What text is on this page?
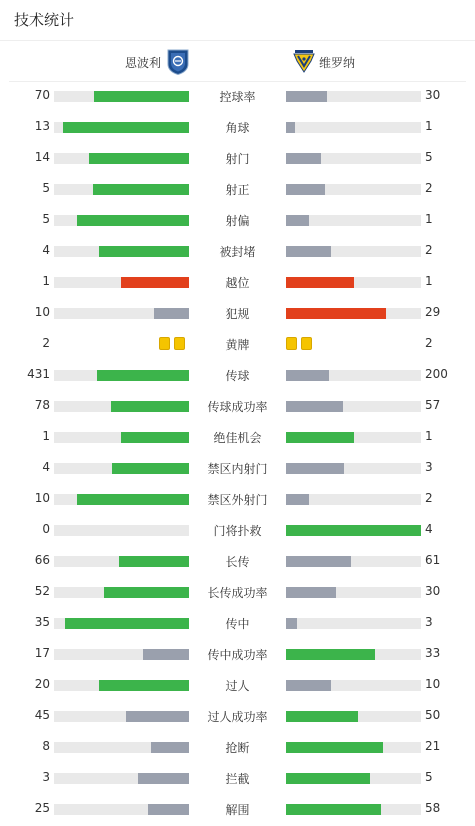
技术统计
恩波利	维罗纳
70	控球率	30
13	角球	1
14	射门	5
5	射正	2
5	射偏	1
4	被封堵	2
1	越位	1
10	犯规	29
2	黄牌	2
431	传球	200
78	传球成功率	57
1	绝佳机会	1
4	禁区内射门	3
10	禁区外射门	2
0	门将扑救	4
66	长传	61
52	长传成功率	30
35	传中	3
17	传中成功率	33
20	过人	10
45	过人成功率	50
8	抢断	21
3	拦截	5
25	解围	58
